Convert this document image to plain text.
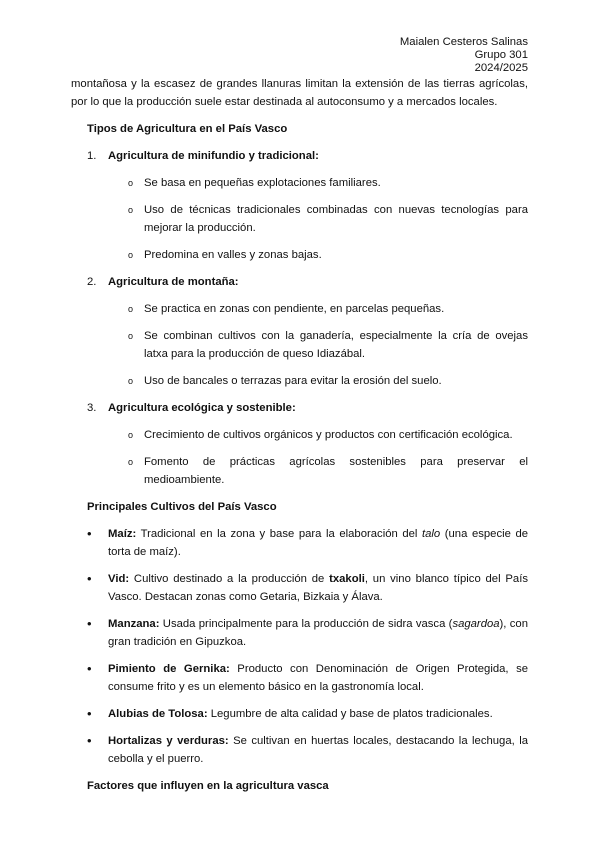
Maialen Cesteros Salinas
Grupo 301
2024/2025

montañosa y la escasez de grandes llanuras limitan la extensión de las tierras agrícolas, por lo que la producción suele estar destinada al autoconsumo y a mercados locales.

Tipos de Agricultura en el País Vasco

1. Agricultura de minifundio y tradicional:
o Se basa en pequeñas explotaciones familiares.
o Uso de técnicas tradicionales combinadas con nuevas tecnologías para mejorar la producción.
o Predomina en valles y zonas bajas.
2. Agricultura de montaña:
o Se practica en zonas con pendiente, en parcelas pequeñas.
o Se combinan cultivos con la ganadería, especialmente la cría de ovejas latxa para la producción de queso Idiazábal.
o Uso de bancales o terrazas para evitar la erosión del suelo.
3. Agricultura ecológica y sostenible:
o Crecimiento de cultivos orgánicos y productos con certificación ecológica.
o Fomento de prácticas agrícolas sostenibles para preservar el medioambiente.

Principales Cultivos del País Vasco

• Maíz: Tradicional en la zona y base para la elaboración del talo (una especie de torta de maíz).
• Vid: Cultivo destinado a la producción de txakoli, un vino blanco típico del País Vasco. Destacan zonas como Getaria, Bizkaia y Álava.
• Manzana: Usada principalmente para la producción de sidra vasca (sagardoa), con gran tradición en Gipuzkoa.
• Pimiento de Gernika: Producto con Denominación de Origen Protegida, se consume frito y es un elemento básico en la gastronomía local.
• Alubias de Tolosa: Legumbre de alta calidad y base de platos tradicionales.
• Hortalizas y verduras: Se cultivan en huertas locales, destacando la lechuga, la cebolla y el puerro.

Factores que influyen en la agricultura vasca
